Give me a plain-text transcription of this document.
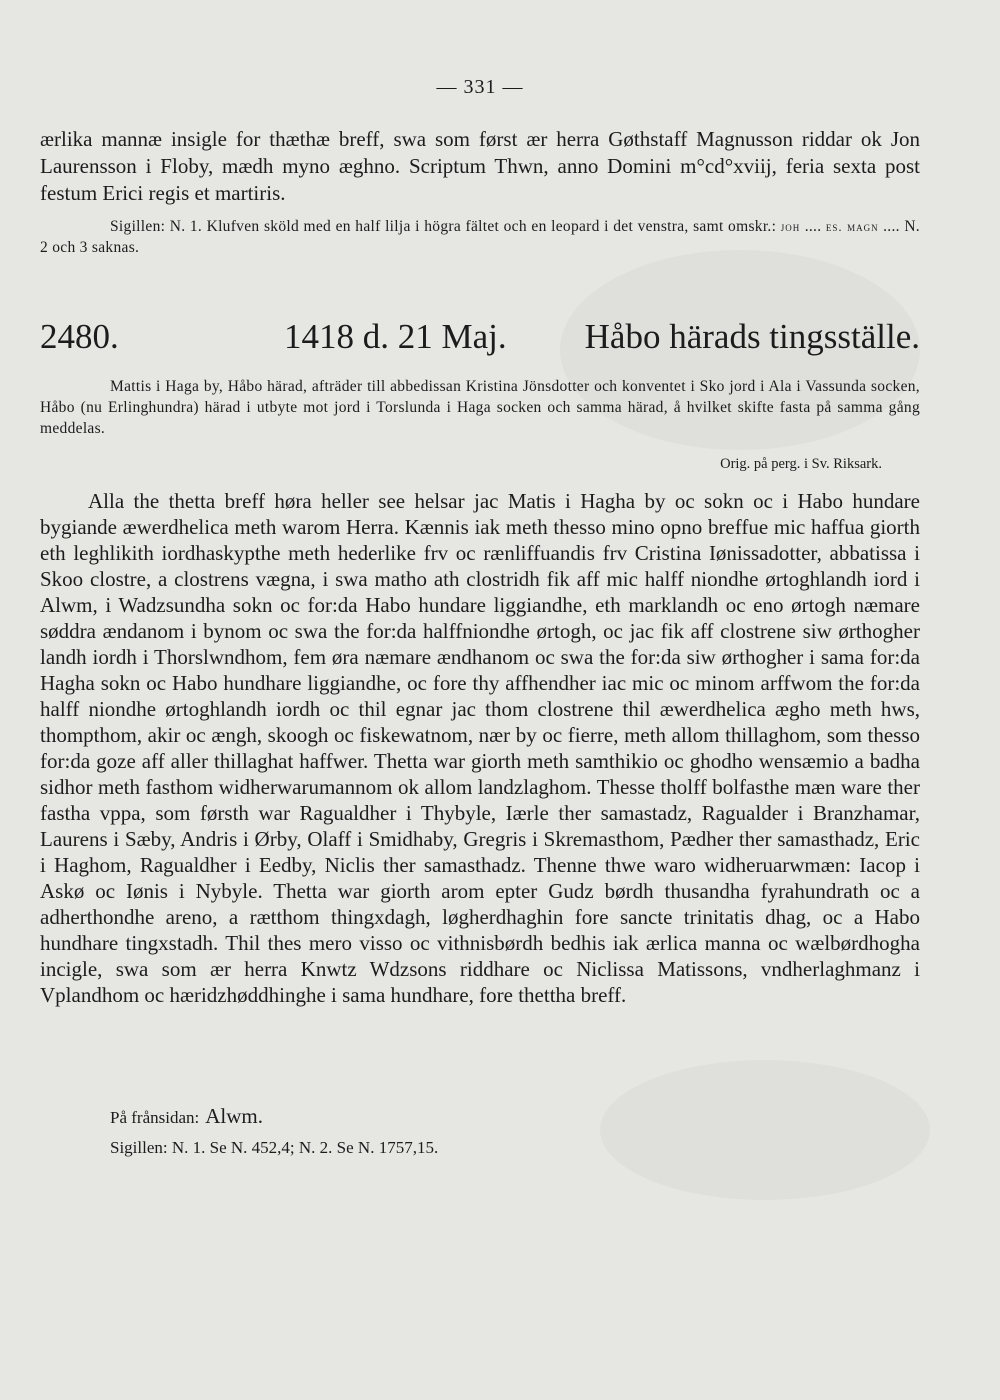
— 331 —

ærlika mannæ insigle for thæthæ breff, swa som først ær herra Gøthstaff Magnusson riddar ok Jon Laurensson i Floby, mædh myno æghno. Scriptum Thwn, anno Domini m°cd°xviij, feria sexta post festum Erici regis et martiris.

Sigillen: N. 1. Klufven sköld med en half lilja i högra fältet och en leopard i det venstra, samt omskr.: joh .... es. magn .... N. 2 och 3 saknas.
2480.	1418 d. 21 Maj. Håbo härads tingsställe.
Mattis i Haga by, Håbo härad, afträder till abbedissan Kristina Jönsdotter och konventet i Sko jord i Ala i Vassunda socken, Håbo (nu Erlinghundra) härad i utbyte mot jord i Torslunda i Haga socken och samma härad, å hvilket skifte fasta på samma gång meddelas.
Orig. på perg. i Sv. Riksark.
Alla the thetta breff høra heller see helsar jac Matis i Hagha by oc sokn oc i Habo hundare bygiande æwerdhelica meth warom Herra. Kænnis iak meth thesso mino opno breffue mic haffua giorth eth leghlikith iordhaskypthe meth hederlike frv oc rænliffuandis frv Cristina Iønissadotter, abbatissa i Skoo clostre, a clostrens vægna, i swa matho ath clostridh fik aff mic halff niondhe ørtoghlandh iord i Alwm, i Wadzsundha sokn oc for:da Habo hundare liggiandhe, eth marklandh oc eno ørtogh næmare søddra ændanom i bynom oc swa the for:da halffniondhe ørtogh, oc jac fik aff clostrene siw ørthogher landh iordh i Thorslwndhom, fem øra næmare ændhanom oc swa the for:da siw ørthogher i sama for:da Hagha sokn oc Habo hundhare liggiandhe, oc fore thy affhendher iac mic oc minom arffwom the for:da halff niondhe ørtoghlandh iordh oc thil egnar jac thom clostrene thil æwerdhelica ægho meth hws, thompthom, akir oc ængh, skoogh oc fiskewatnom, nær by oc fierre, meth allom thillaghom, som thesso for:da goze aff aller thillaghat haffwer. Thetta war giorth meth samthikio oc ghodho wensæmio a badha sidhor meth fasthom widherwarumannom ok allom landzlaghom. Thesse tholff bolfasthe mæn ware ther fastha vppa, som førsth war Ragualdher i Thybyle, Iærle ther samastadz, Ragualder i Branzhamar, Laurens i Sæby, Andris i Ørby, Olaff i Smidhaby, Gregris i Skremasthom, Pædher ther samasthadz, Eric i Haghom, Ragualdher i Eedby, Niclis ther samasthadz. Thenne thwe waro widheruarwmæn: Iacop i Askø oc Iønis i Nybyle. Thetta war giorth arom epter Gudz børdh thusandha fyrahundrath oc a adherthondhe areno, a rætthom thingxdagh, løgherdhaghin fore sancte trinitatis dhag, oc a Habo hundhare tingxstadh. Thil thes mero visso oc vithnisbørdh bedhis iak ærlica manna oc wælbørdhogha incigle, swa som ær herra Knwtz Wdzsons riddhare oc Niclissa Matissons, vndherlaghmanz i Vplandhom oc hæridzhøddhinghe i sama hundhare, fore thettha breff.
På frånsidan: Alwm.
Sigillen: N. 1. Se N. 452,4; N. 2. Se N. 1757,15.
